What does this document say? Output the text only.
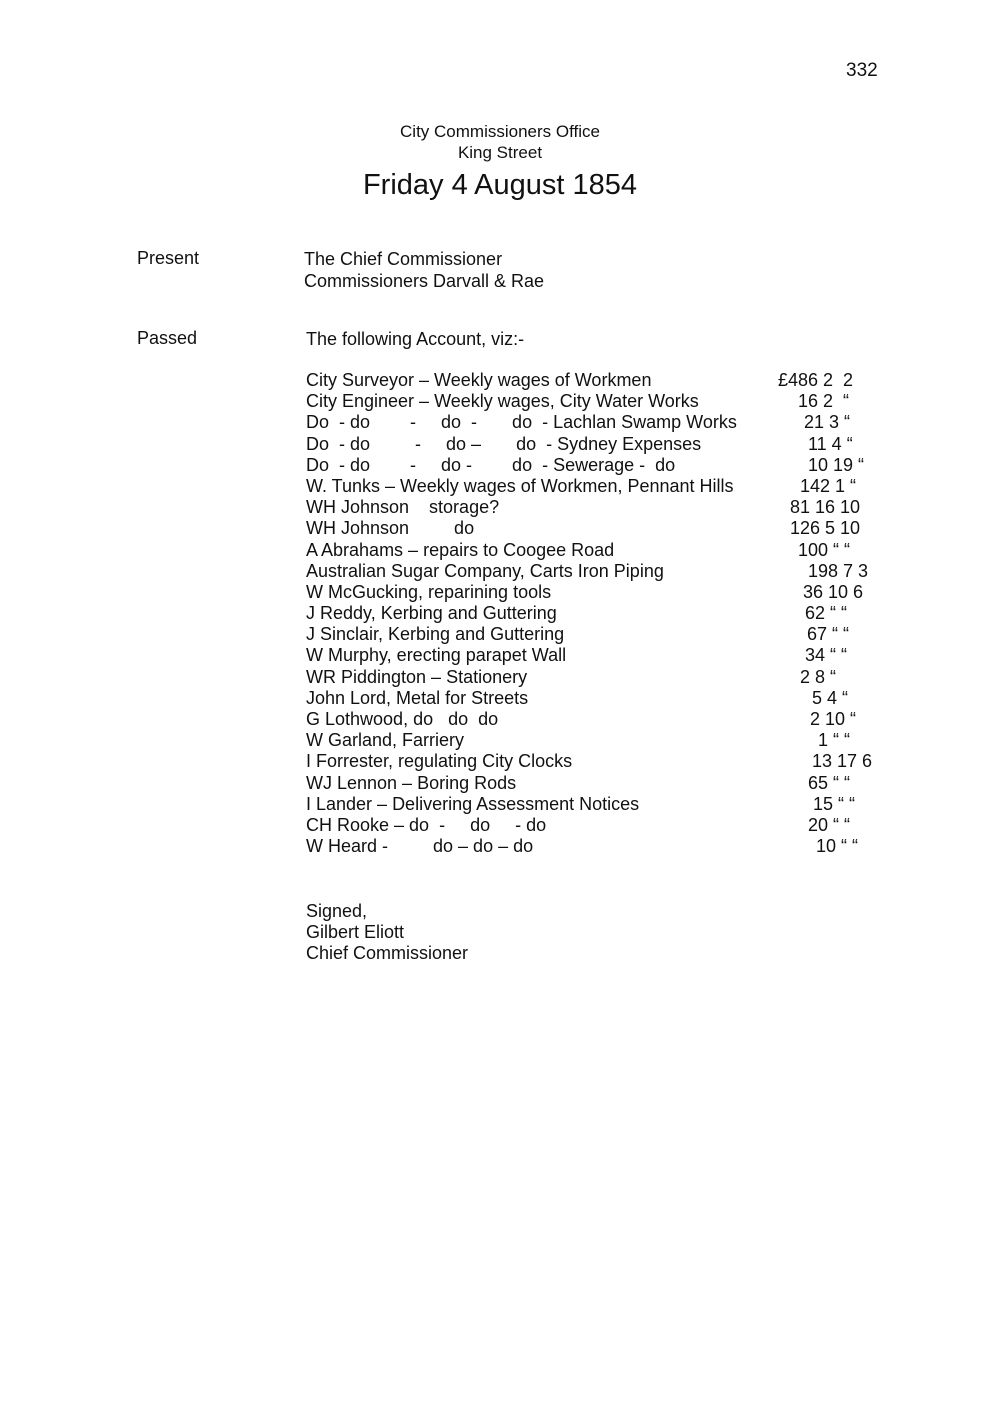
332
City Commissioners Office
King Street
Friday 4 August 1854
Present	The Chief Commissioner
Commissioners Darvall & Rae
Passed	The following Account, viz:-
City Surveyor – Weekly wages of Workmen	£486 2  2
City Engineer – Weekly wages, City Water Works	16 2  “
Do  - do        -     do  -       do  - Lachlan Swamp Works	21 3 “
Do  - do         -     do –       do  - Sydney Expenses	11 4 “
Do  - do        -     do -        do  - Sewerage -  do	10 19 “
W. Tunks – Weekly wages of Workmen, Pennant Hills	142 1 “
WH Johnson    storage?	81 16 10
WH Johnson         do	126 5 10
A Abrahams – repairs to Coogee Road	100 “ “
Australian Sugar Company, Carts Iron Piping	198 7 3
W McGucking, reparining tools	36 10 6
J Reddy, Kerbing and Guttering	62 “ “
J Sinclair, Kerbing and Guttering	67 “ “
W Murphy, erecting parapet Wall	34 “ “
WR Piddington – Stationery	2 8 “
John Lord, Metal for Streets	5 4 “
G Lothwood, do   do  do	2 10 “
W Garland, Farriery	1 “ “
I Forrester, regulating City Clocks	13 17 6
WJ Lennon – Boring Rods	65 “ “
I Lander – Delivering Assessment Notices	15 “ “
CH Rooke – do  -     do     - do	20 “ “
W Heard -         do – do – do	10 “ “
Signed,
Gilbert Eliott
Chief Commissioner
